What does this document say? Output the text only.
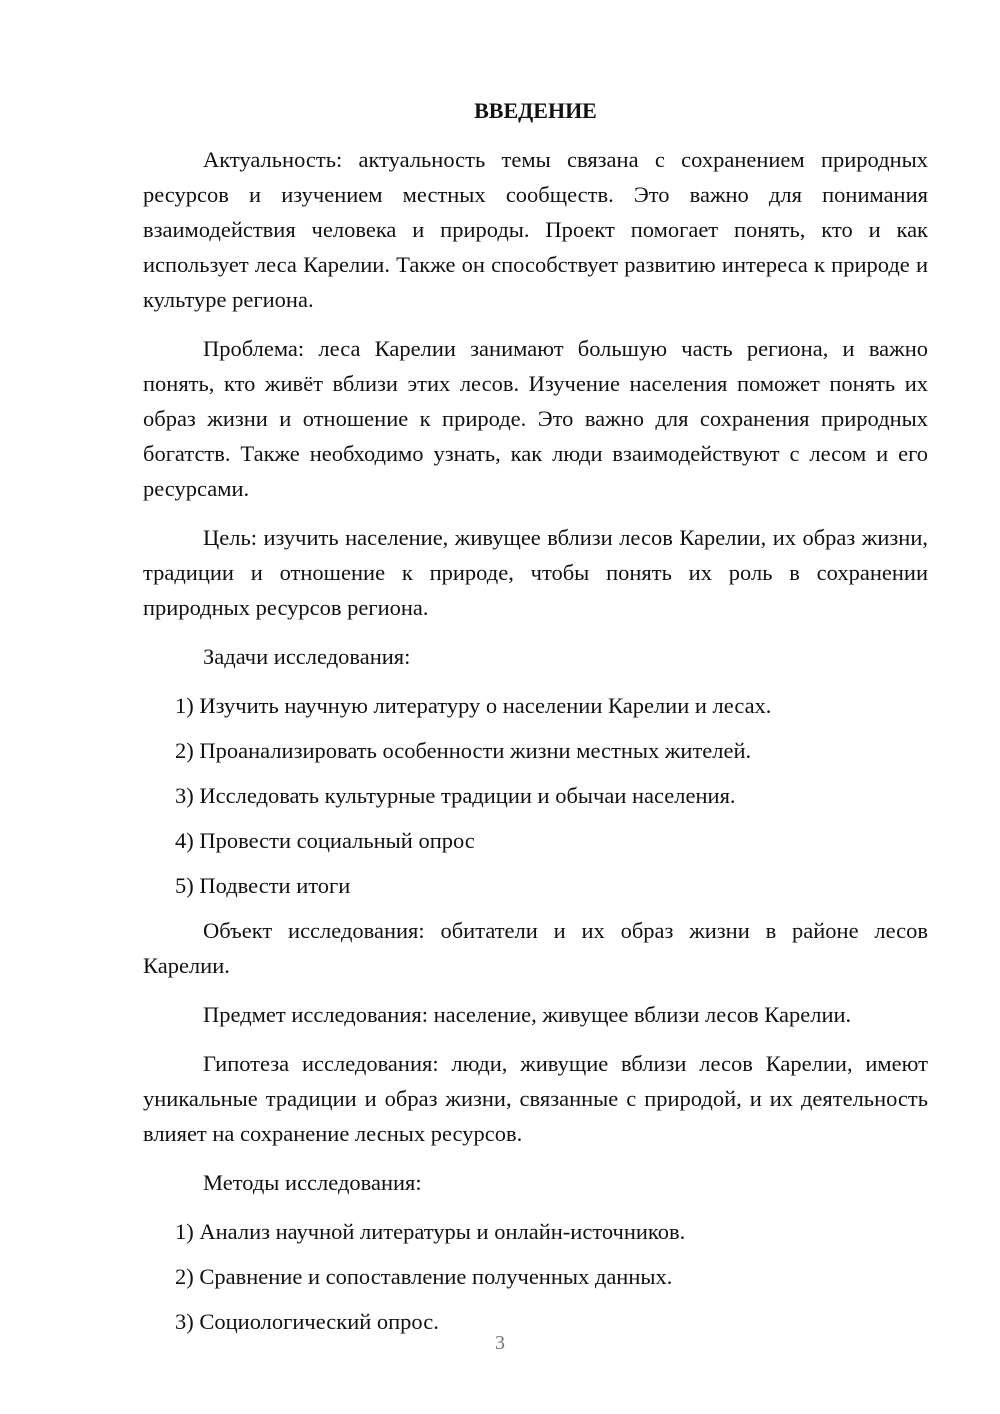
ВВЕДЕНИЕ

Актуальность: актуальность темы связана с сохранением природных ресурсов и изучением местных сообществ. Это важно для понимания взаимодействия человека и природы. Проект помогает понять, кто и как использует леса Карелии. Также он способствует развитию интереса к природе и культуре региона.

Проблема: леса Карелии занимают большую часть региона, и важно понять, кто живёт вблизи этих лесов. Изучение населения поможет понять их образ жизни и отношение к природе. Это важно для сохранения природных богатств. Также необходимо узнать, как люди взаимодействуют с лесом и его ресурсами.

Цель: изучить население, живущее вблизи лесов Карелии, их образ жизни, традиции и отношение к природе, чтобы понять их роль в сохранении природных ресурсов региона.

Задачи исследования:

1) Изучить научную литературу о населении Карелии и лесах.
2) Проанализировать особенности жизни местных жителей.
3) Исследовать культурные традиции и обычаи населения.
4) Провести социальный опрос
5) Подвести итоги

Объект исследования: обитатели и их образ жизни в районе лесов Карелии.

Предмет исследования: население, живущее вблизи лесов Карелии.

Гипотеза исследования: люди, живущие вблизи лесов Карелии, имеют уникальные традиции и образ жизни, связанные с природой, и их деятельность влияет на сохранение лесных ресурсов.

Методы исследования:

1) Анализ научной литературы и онлайн-источников.
2) Сравнение и сопоставление полученных данных.
3) Социологический опрос.
3
